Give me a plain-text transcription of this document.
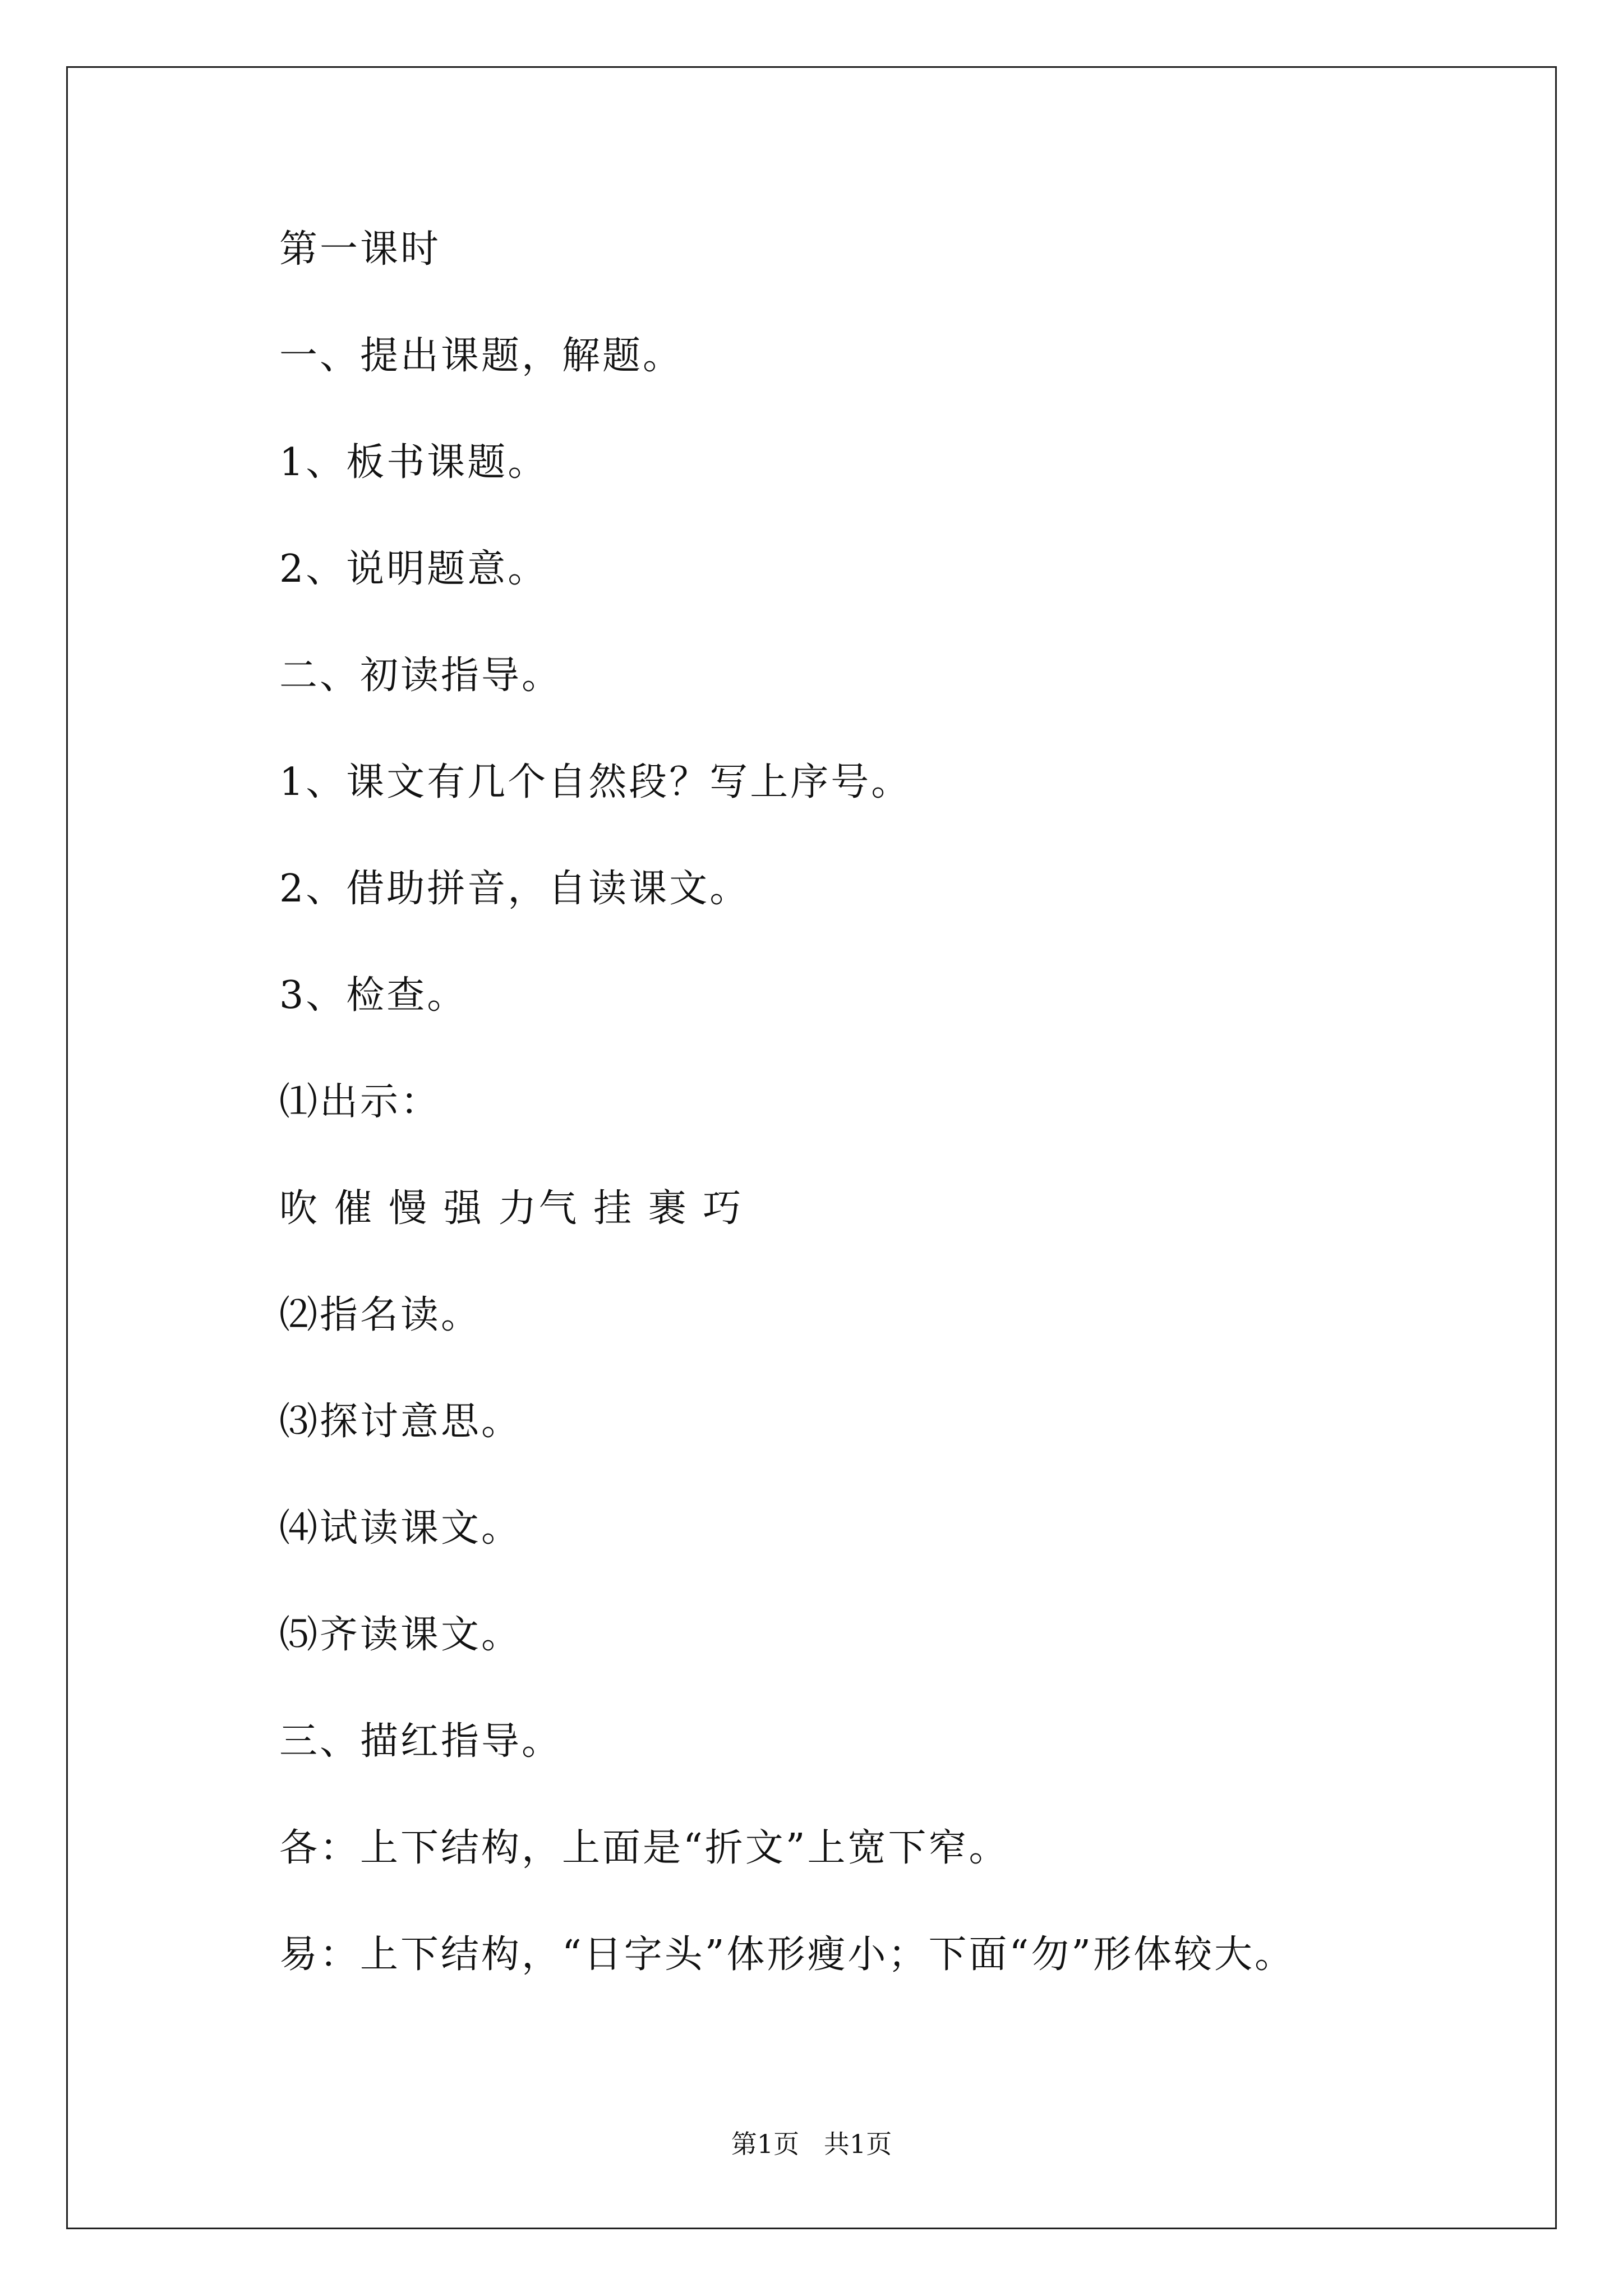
第一课时
一、提出课题，解题。
1、板书课题。
2、说明题意。
二、初读指导。
1、课文有几个自然段？写上序号。
2、借助拼音，自读课文。
3、检查。
⑴出示：
吹 催 慢 强 力气 挂 裹 巧
⑵指名读。
⑶探讨意思。
⑷试读课文。
⑸齐读课文。
三、描红指导。
各：上下结构，上面是“折文”上宽下窄。
易：上下结构，“日字头”体形瘦小；下面“勿”形体较大。
第1页   共1页
